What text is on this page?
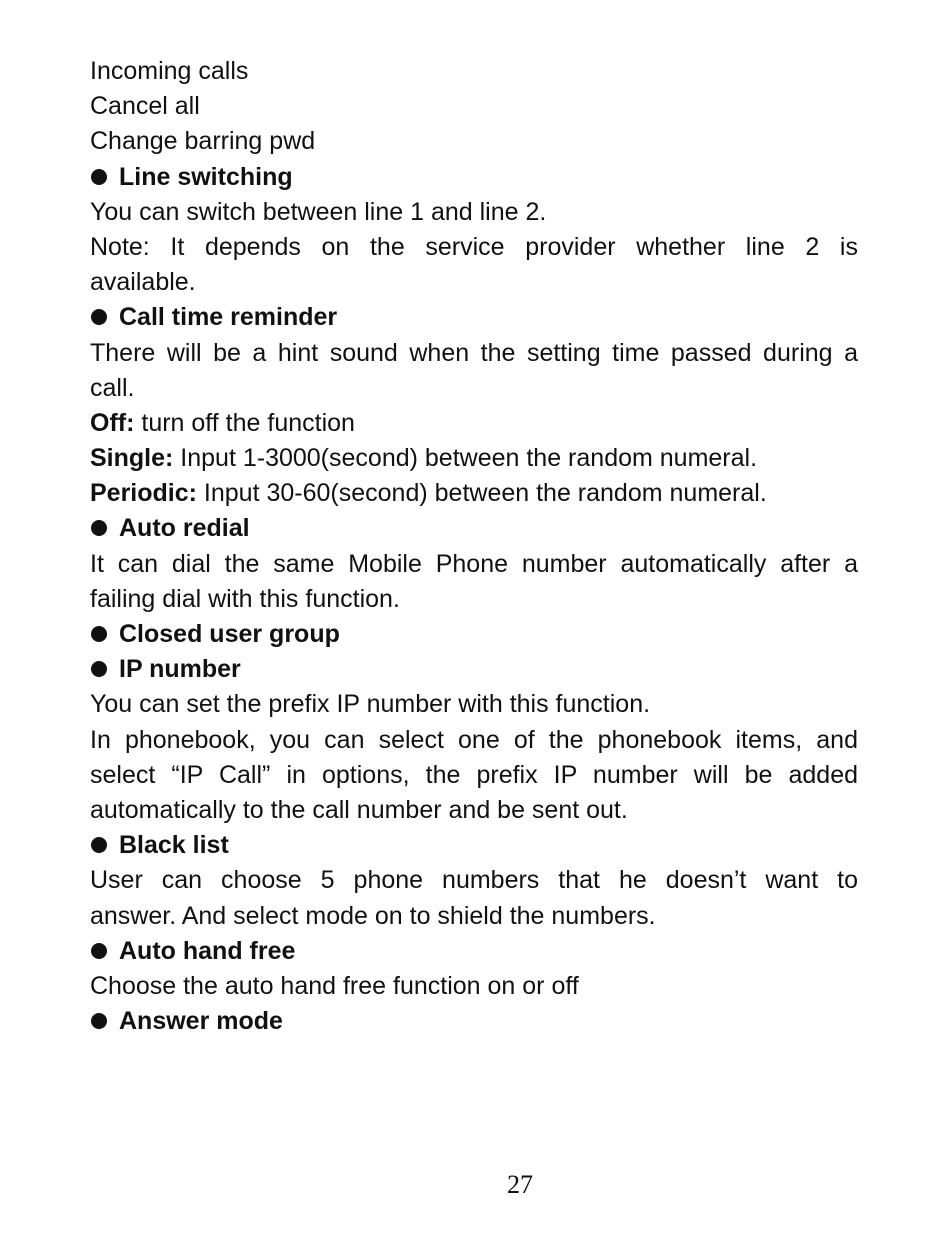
Incoming calls
Cancel all
Change barring pwd
Line switching
You can switch between line 1 and line 2.
Note: It depends on the service provider whether line 2 is
available.
Call time reminder
There will be a hint sound when the setting time passed during a
call.
Off: turn off the function
Single: Input 1-3000(second) between the random numeral.
Periodic: Input 30-60(second) between the random numeral.
Auto redial
It can dial the same Mobile Phone number automatically after a
failing dial with this function.
Closed user group
IP number
You can set the prefix IP number with this function.
In phonebook, you can select one of the phonebook items, and
select “IP Call” in options, the prefix IP number will be added
automatically to the call number and be sent out.
Black list
User can choose 5 phone numbers that he doesn’t want to
answer. And select mode on to shield the numbers.
Auto hand free
Choose the auto hand free function on or off
Answer mode
27
